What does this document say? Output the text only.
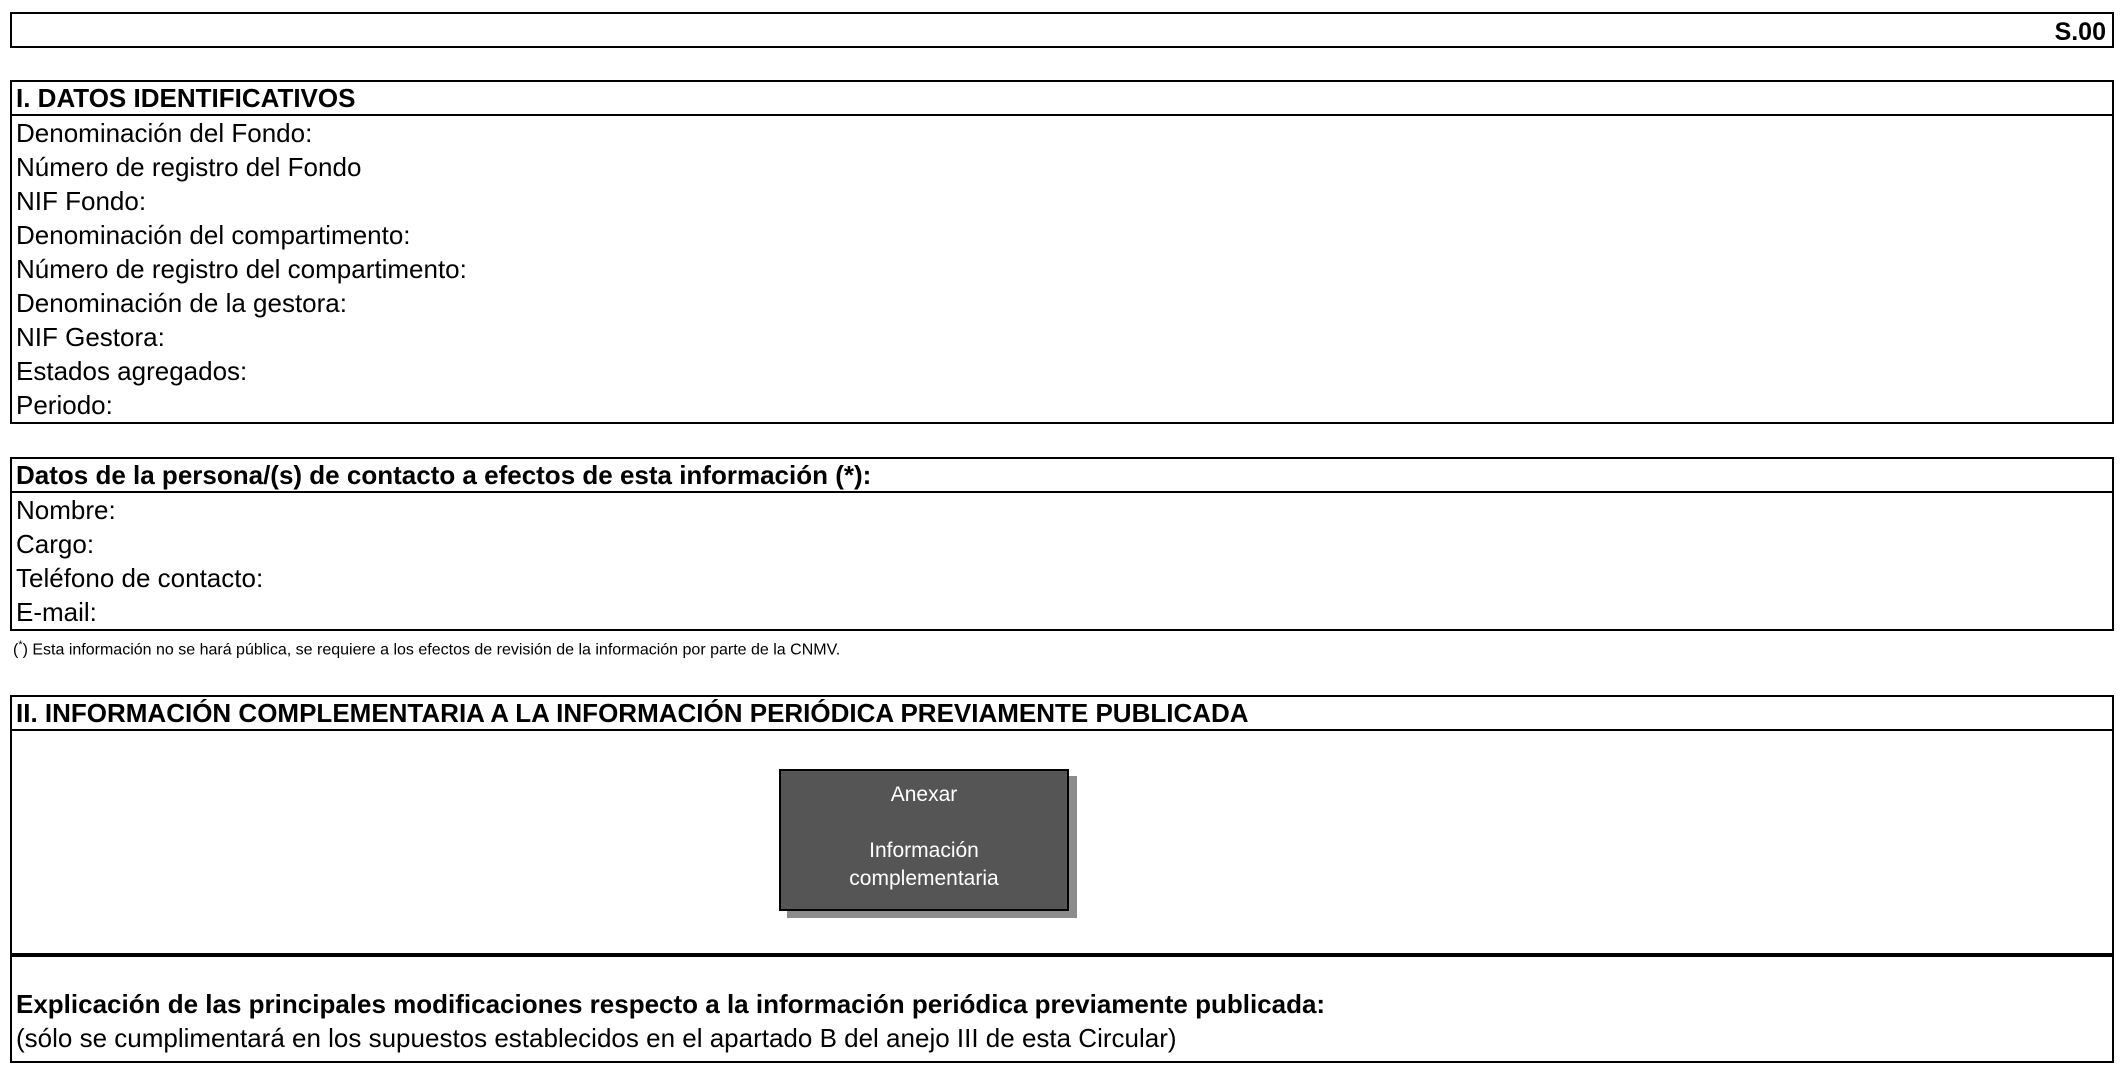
S.00
I. DATOS IDENTIFICATIVOS
Denominación del Fondo:
Número de registro del Fondo
NIF Fondo:
Denominación del compartimento:
Número de registro del compartimento:
Denominación de la gestora:
NIF Gestora:
Estados agregados:
Periodo:
Datos de la persona/(s) de contacto a efectos de esta información (*):
Nombre:
Cargo:
Teléfono de contacto:
E-mail:
(*) Esta información no se hará pública, se requiere a los efectos de revisión de la información por parte de la CNMV.
II. INFORMACIÓN COMPLEMENTARIA A LA INFORMACIÓN PERIÓDICA PREVIAMENTE PUBLICADA
Anexar
Información
complementaria
Explicación de las principales modificaciones respecto a la información periódica previamente publicada:
(sólo se cumplimentará en los supuestos establecidos en el apartado B del anejo III de esta Circular)
